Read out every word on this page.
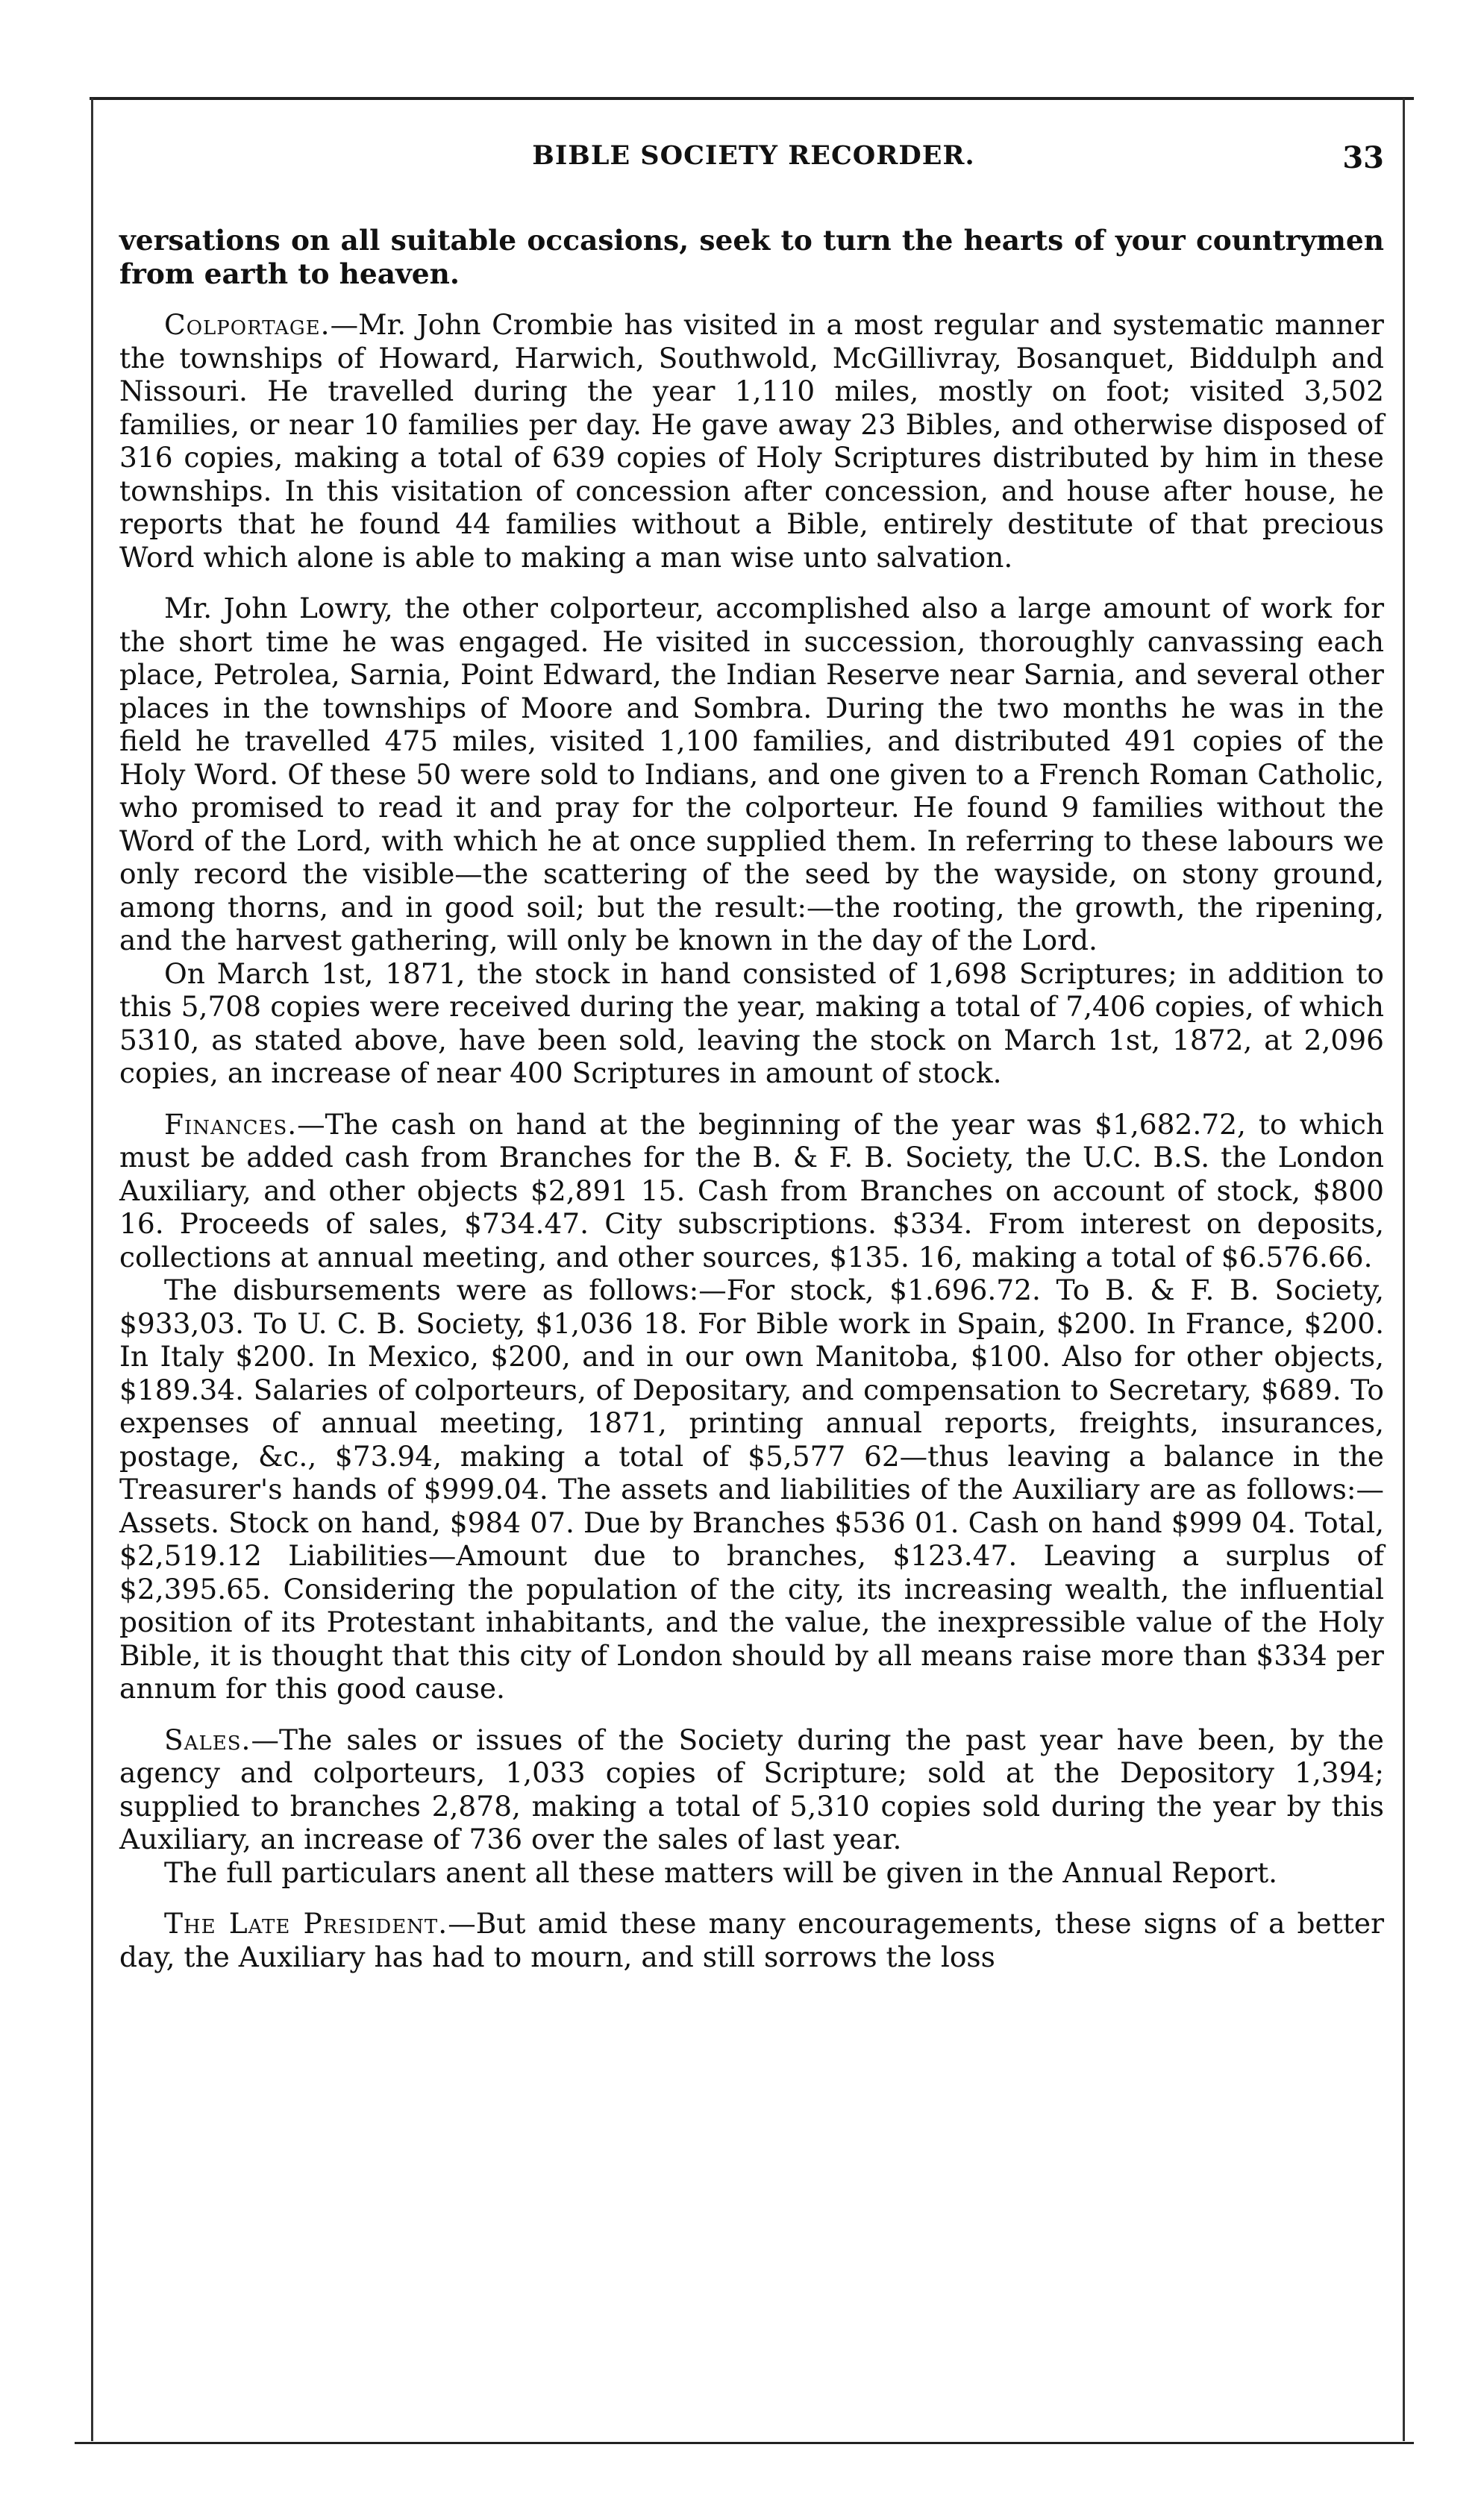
BIBLE SOCIETY RECORDER.	33

versations on all suitable occasions, seek to turn the hearts of your countrymen from earth to heaven.

Colportage.—Mr. John Crombie has visited in a most regular and systematic manner the townships of Howard, Harwich, Southwold, McGillivray, Bosanquet, Biddulph and Nissouri. He travelled during the year 1,110 miles, mostly on foot; visited 3,502 families, or near 10 families per day. He gave away 23 Bibles, and otherwise disposed of 316 copies, making a total of 639 copies of Holy Scriptures distributed by him in these townships. In this visitation of concession after concession, and house after house, he reports that he found 44 families without a Bible, entirely destitute of that precious Word which alone is able to making a man wise unto salvation.

Mr. John Lowry, the other colporteur, accomplished also a large amount of work for the short time he was engaged. He visited in succession, thoroughly canvassing each place, Petrolea, Sarnia, Point Edward, the Indian Reserve near Sarnia, and several other places in the townships of Moore and Sombra. During the two months he was in the field he travelled 475 miles, visited 1,100 families, and distributed 491 copies of the Holy Word. Of these 50 were sold to Indians, and one given to a French Roman Catholic, who promised to read it and pray for the colporteur. He found 9 families without the Word of the Lord, with which he at once supplied them. In referring to these labours we only record the visible—the scattering of the seed by the wayside, on stony ground, among thorns, and in good soil; but the result:—the rooting, the growth, the ripening, and the harvest gathering, will only be known in the day of the Lord.

On March 1st, 1871, the stock in hand consisted of 1,698 Scriptures; in addition to this 5,708 copies were received during the year, making a total of 7,406 copies, of which 5310, as stated above, have been sold, leaving the stock on March 1st, 1872, at 2,096 copies, an increase of near 400 Scriptures in amount of stock.

Finances.—The cash on hand at the beginning of the year was $1,682.72, to which must be added cash from Branches for the B. & F. B. Society, the U.C. B.S. the London Auxiliary, and other objects $2,891 15. Cash from Branches on account of stock, $800 16. Proceeds of sales, $734.47. City subscriptions. $334. From interest on deposits, collections at annual meeting, and other sources, $135. 16, making a total of $6.576.66.

The disbursements were as follows:—For stock, $1.696.72. To B. & F. B. Society, $933,03. To U. C. B. Society, $1,036 18. For Bible work in Spain, $200. In France, $200. In Italy $200. In Mexico, $200, and in our own Manitoba, $100. Also for other objects, $189.34. Salaries of colporteurs, of Depositary, and compensation to Secretary, $689. To expenses of annual meeting, 1871, printing annual reports, freights, insurances, postage, &c., $73.94, making a total of $5,577 62—thus leaving a balance in the Treasurer's hands of $999.04. The assets and liabilities of the Auxiliary are as follows:—Assets. Stock on hand, $984 07. Due by Branches $536 01. Cash on hand $999 04. Total, $2,519.12 Liabilities—Amount due to branches, $123.47. Leaving a surplus of $2,395.65. Considering the population of the city, its increasing wealth, the influential position of its Protestant inhabitants, and the value, the inexpressible value of the Holy Bible, it is thought that this city of London should by all means raise more than $334 per annum for this good cause.

Sales.—The sales or issues of the Society during the past year have been, by the agency and colporteurs, 1,033 copies of Scripture; sold at the Depository 1,394; supplied to branches 2,878, making a total of 5,310 copies sold during the year by this Auxiliary, an increase of 736 over the sales of last year.

The full particulars anent all these matters will be given in the Annual Report.

The Late President.—But amid these many encouragements, these signs of a better day, the Auxiliary has had to mourn, and still sorrows the loss
